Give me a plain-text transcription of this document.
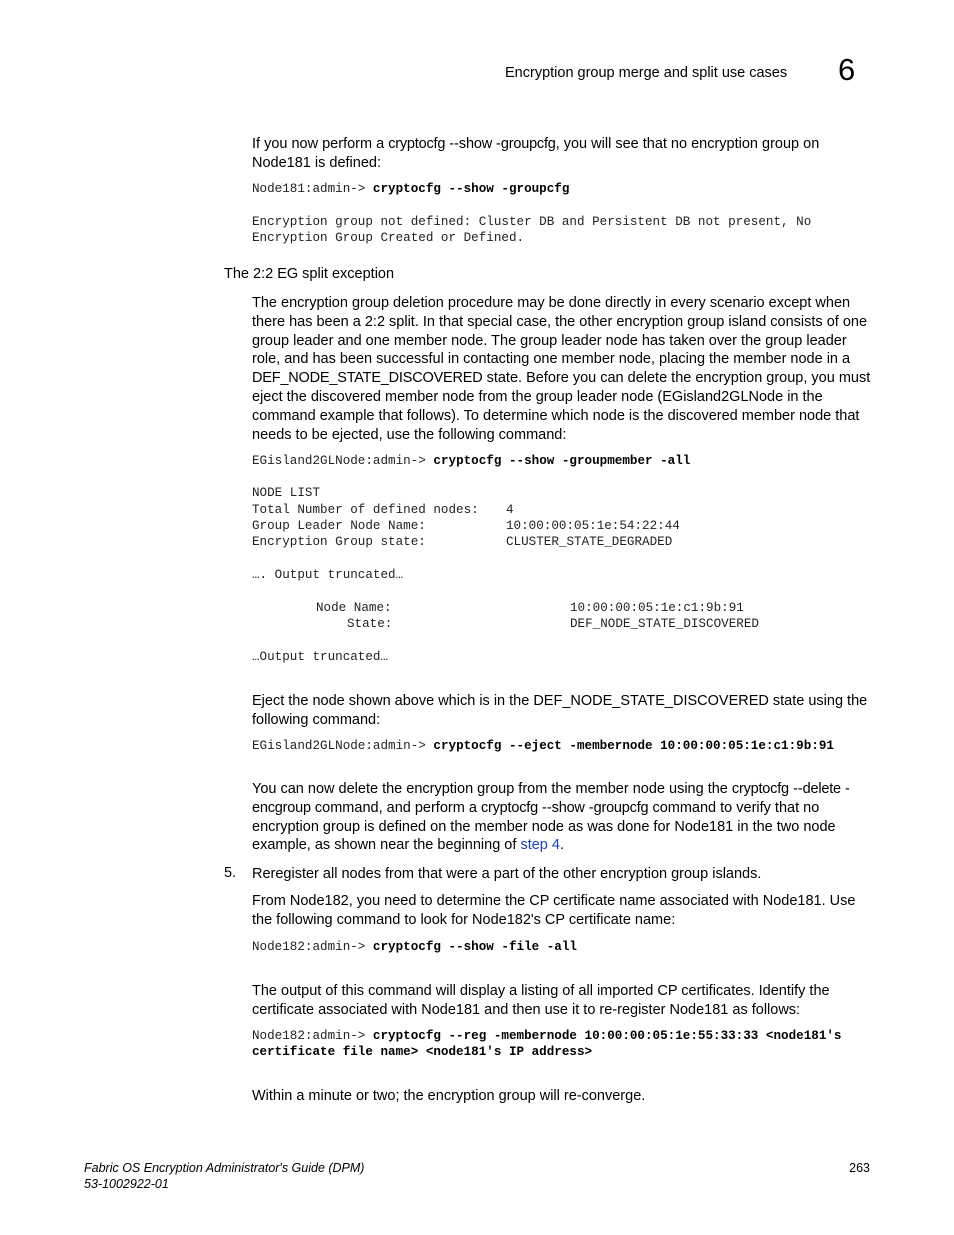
Encryption group merge and split use cases 6
If you now perform a cryptocfg --show -groupcfg, you will see that no encryption group on Node181 is defined:
Node181:admin-> cryptocfg --show -groupcfg
Encryption group not defined: Cluster DB and Persistent DB not present, No
Encryption Group Created or Defined.
The 2:2 EG split exception
The encryption group deletion procedure may be done directly in every scenario except when there has been a 2:2 split. In that special case, the other encryption group island consists of one group leader and one member node. The group leader node has taken over the group leader role, and has been successful in contacting one member node, placing the member node in a DEF_NODE_STATE_DISCOVERED state. Before you can delete the encryption group, you must eject the discovered member node from the group leader node (EGisland2GLNode in the command example that follows). To determine which node is the discovered member node that needs to be ejected, use the following command:
EGisland2GLNode:admin-> cryptocfg --show -groupmember -all
NODE LIST
Total Number of defined nodes: 4
Group Leader Node Name:	10:00:00:05:1e:54:22:44
Encryption Group state:	CLUSTER_STATE_DEGRADED
…. Output truncated…
Node Name:	10:00:00:05:1e:c1:9b:91
State:	DEF_NODE_STATE_DISCOVERED
…Output truncated…
Eject the node shown above which is in the DEF_NODE_STATE_DISCOVERED state using the following command:
EGisland2GLNode:admin-> cryptocfg --eject -membernode 10:00:00:05:1e:c1:9b:91
You can now delete the encryption group from the member node using the cryptocfg --delete -encgroup command, and perform a cryptocfg --show -groupcfg command to verify that no encryption group is defined on the member node as was done for Node181 in the two node example, as shown near the beginning of step 4.
5. Reregister all nodes from that were a part of the other encryption group islands.
From Node182, you need to determine the CP certificate name associated with Node181. Use the following command to look for Node182's CP certificate name:
Node182:admin-> cryptocfg --show -file -all
The output of this command will display a listing of all imported CP certificates. Identify the certificate associated with Node181 and then use it to re-register Node181 as follows:
Node182:admin-> cryptocfg --reg -membernode 10:00:00:05:1e:55:33:33 <node181's
certificate file name> <node181's IP address>
Within a minute or two; the encryption group will re-converge.
Fabric OS Encryption Administrator's Guide (DPM)
53-1002922-01
263
